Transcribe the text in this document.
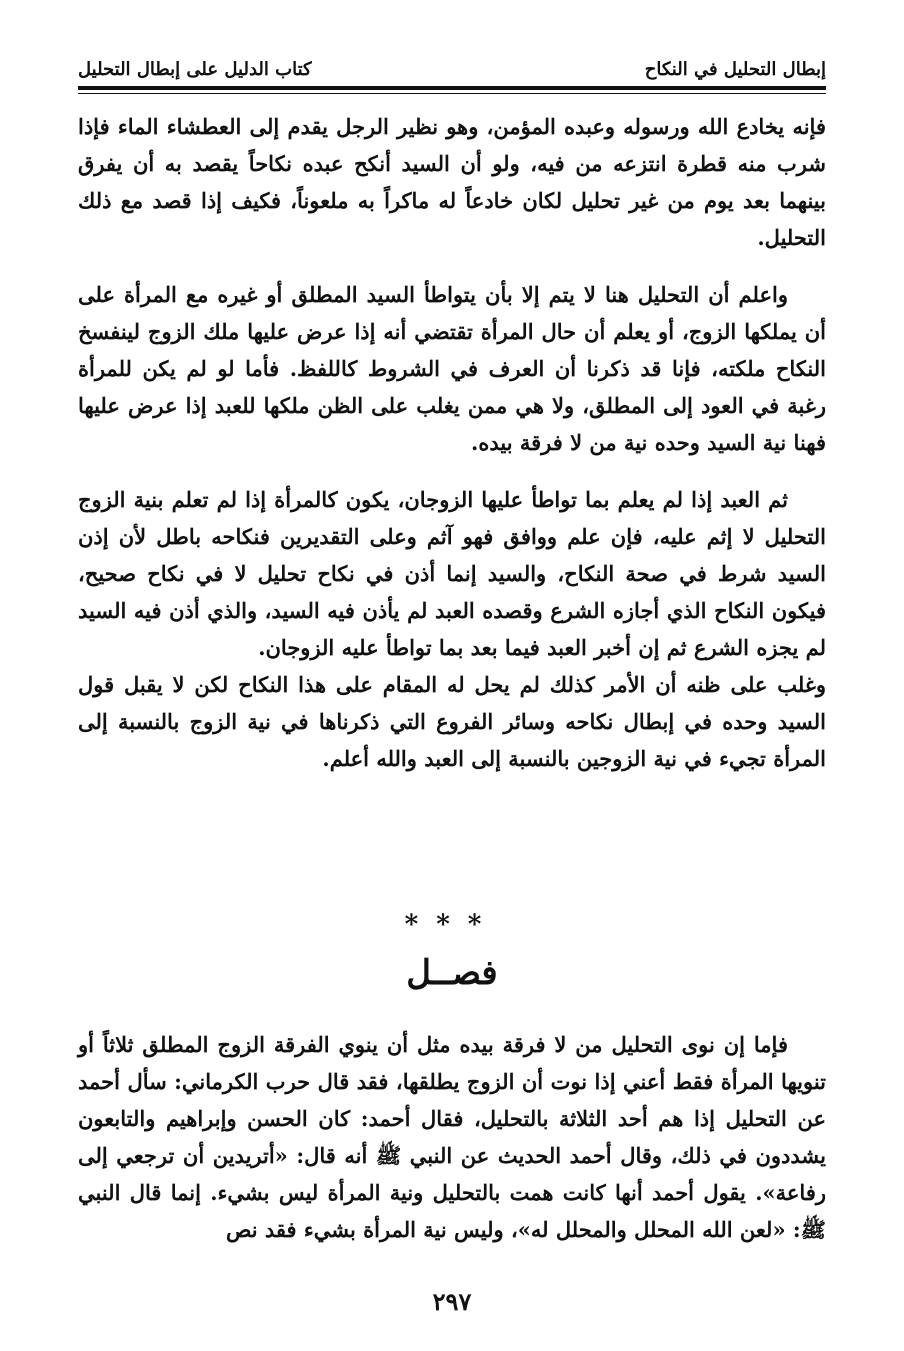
إبطال التحليل في النكاح
كتاب الدليل على إبطال التحليل

فإنه يخادع الله ورسوله وعبده المؤمن، وهو نظير الرجل يقدم إلى العطشاء الماء فإذا شرب منه قطرة انتزعه من فيه، ولو أن السيد أنكح عبده نكاحاً يقصد به أن يفرق بينهما بعد يوم من غير تحليل لكان خادعاً له ماكراً به ملعوناً، فكيف إذا قصد مع ذلك التحليل.

واعلم أن التحليل هنا لا يتم إلا بأن يتواطأ السيد المطلق أو غيره مع المرأة على أن يملكها الزوج، أو يعلم أن حال المرأة تقتضي أنه إذا عرض عليها ملك الزوج لينفسخ النكاح ملكته، فإنا قد ذكرنا أن العرف في الشروط كاللفظ. فأما لو لم يكن للمرأة رغبة في العود إلى المطلق، ولا هي ممن يغلب على الظن ملكها للعبد إذا عرض عليها فهنا نية السيد وحده نية من لا فرقة بيده.

ثم العبد إذا لم يعلم بما تواطأ عليها الزوجان، يكون كالمرأة إذا لم تعلم بنية الزوج التحليل لا إثم عليه، فإن علم ووافق فهو آثم وعلى التقديرين فنكاحه باطل لأن إذن السيد شرط في صحة النكاح، والسيد إنما أذن في نكاح تحليل لا في نكاح صحيح، فيكون النكاح الذي أجازه الشرع وقصده العبد لم يأذن فيه السيد، والذي أذن فيه السيد لم يجزه الشرع ثم إن أخبر العبد فيما بعد بما تواطأ عليه الزوجان.

وغلب على ظنه أن الأمر كذلك لم يحل له المقام على هذا النكاح لكن لا يقبل قول السيد وحده في إبطال نكاحه وسائر الفروع التي ذكرناها في نية الزوج بالنسبة إلى المرأة تجيء في نية الزوجين بالنسبة إلى العبد والله أعلم.

***
فصــل

فإما إن نوى التحليل من لا فرقة بيده مثل أن ينوي الفرقة الزوج المطلق ثلاثاً أو تنويها المرأة فقط أعني إذا نوت أن الزوج يطلقها، فقد قال حرب الكرماني: سأل أحمد عن التحليل إذا هم أحد الثلاثة بالتحليل، فقال أحمد: كان الحسن وإبراهيم والتابعون يشددون في ذلك، وقال أحمد الحديث عن النبي ﷺ أنه قال: «أتريدين أن ترجعي إلى رفاعة». يقول أحمد أنها كانت همت بالتحليل ونية المرأة ليس بشيء. إنما قال النبي ﷺ: «لعن الله المحلل والمحلل له»، وليس نية المرأة بشيء فقد نص

٢٩٧
